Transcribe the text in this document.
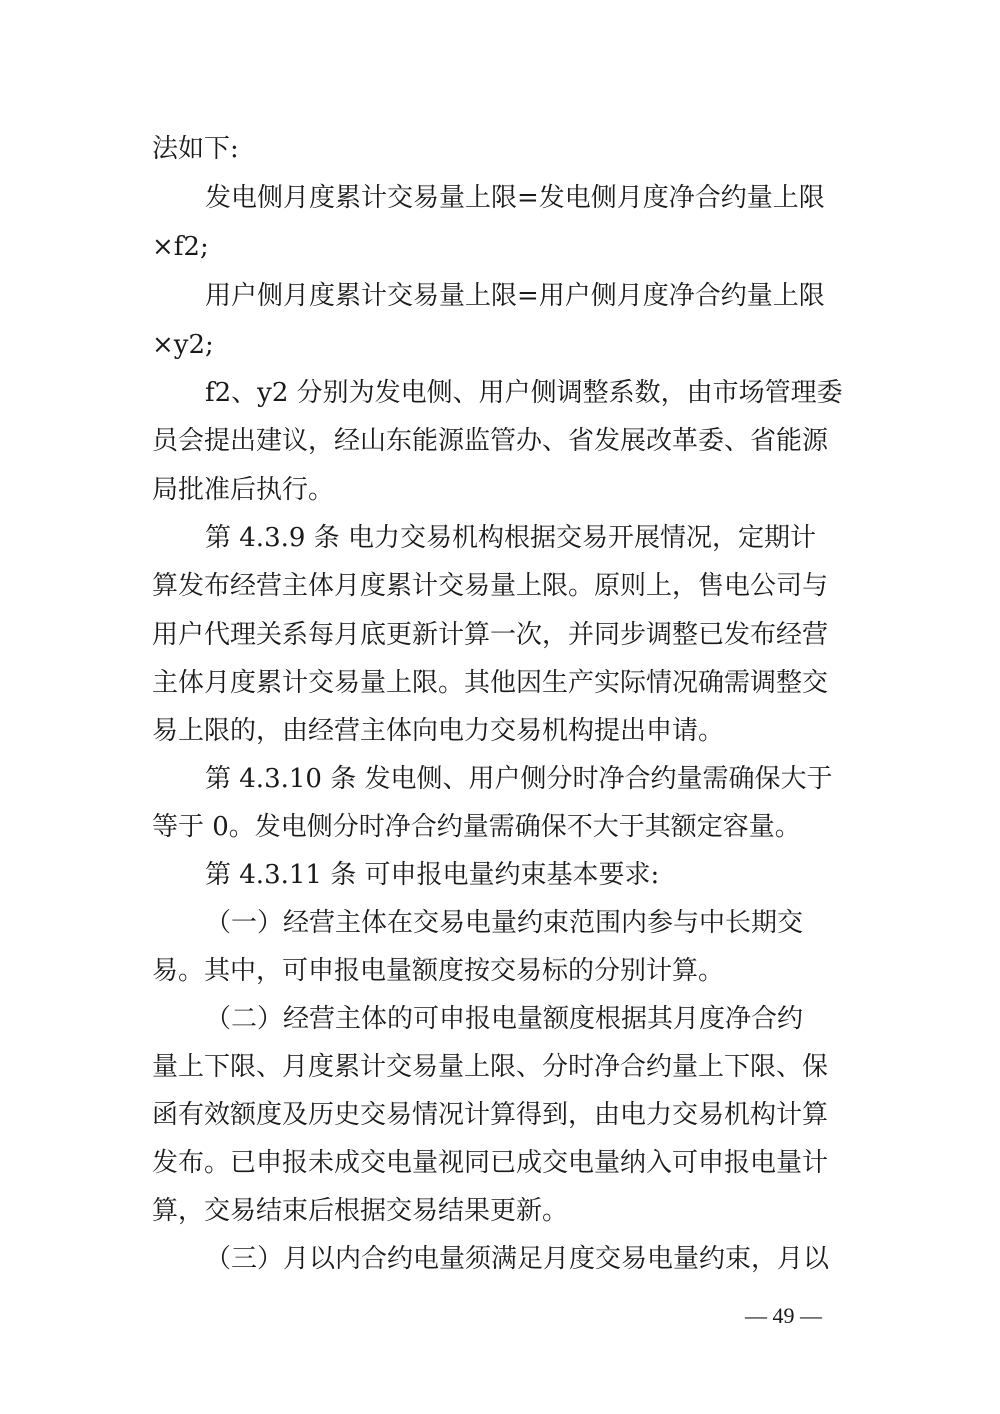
法如下:
发电侧月度累计交易量上限=发电侧月度净合约量上限
×f2;
用户侧月度累计交易量上限=用户侧月度净合约量上限
×y2;
f2、y2 分别为发电侧、用户侧调整系数，由市场管理委
员会提出建议，经山东能源监管办、省发展改革委、省能源
局批准后执行。
第 4.3.9 条 电力交易机构根据交易开展情况，定期计
算发布经营主体月度累计交易量上限。原则上，售电公司与
用户代理关系每月底更新计算一次，并同步调整已发布经营
主体月度累计交易量上限。其他因生产实际情况确需调整交
易上限的，由经营主体向电力交易机构提出申请。
第 4.3.10 条 发电侧、用户侧分时净合约量需确保大于
等于 0。发电侧分时净合约量需确保不大于其额定容量。
第 4.3.11 条 可申报电量约束基本要求:
（一）经营主体在交易电量约束范围内参与中长期交
易。其中，可申报电量额度按交易标的分别计算。
（二）经营主体的可申报电量额度根据其月度净合约
量上下限、月度累计交易量上限、分时净合约量上下限、保
函有效额度及历史交易情况计算得到，由电力交易机构计算
发布。已申报未成交电量视同已成交电量纳入可申报电量计
算，交易结束后根据交易结果更新。
（三）月以内合约电量须满足月度交易电量约束，月以
— 49 —
